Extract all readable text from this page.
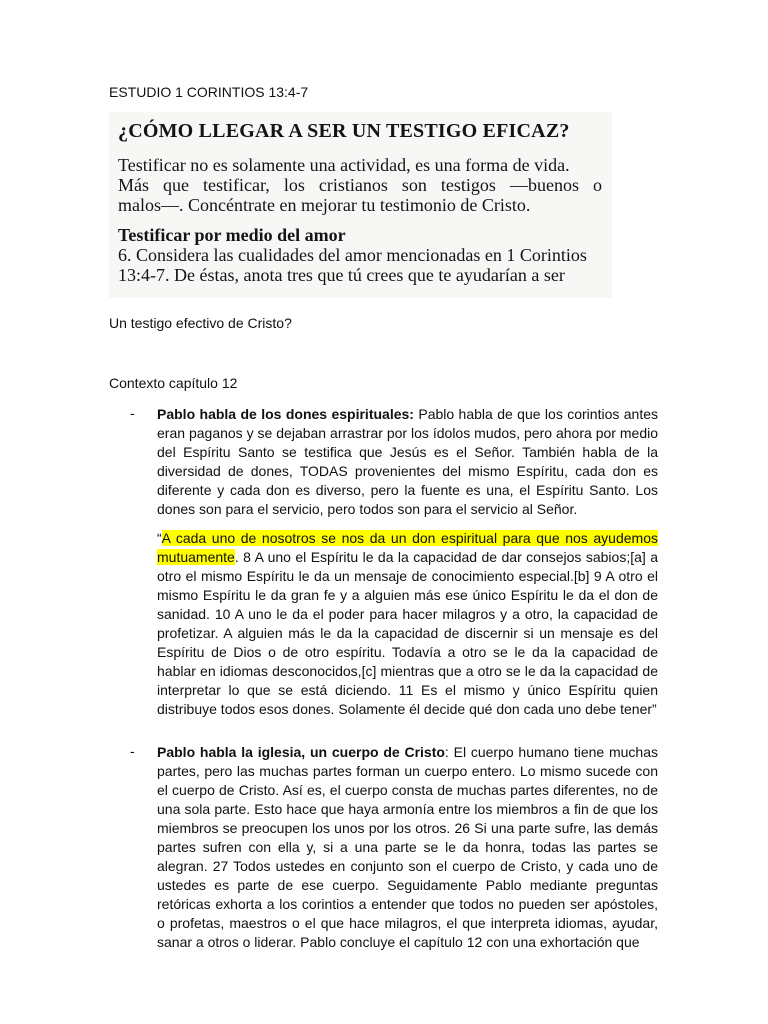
ESTUDIO 1 CORINTIOS 13:4-7
¿CÓMO LLEGAR A SER UN TESTIGO EFICAZ?
Testificar no es solamente una actividad, es una forma de vida.
Más que testificar, los cristianos son testigos —buenos o
malos—. Concéntrate en mejorar tu testimonio de Cristo.
Testificar por medio del amor
6. Considera las cualidades del amor mencionadas en 1 Corintios
13:4-7. De éstas, anota tres que tú crees que te ayudarían a ser
Un testigo efectivo de Cristo?
Contexto capítulo 12
- Pablo habla de los dones espirituales: Pablo habla de que los corintios antes eran paganos y se dejaban arrastrar por los ídolos mudos, pero ahora por medio del Espíritu Santo se testifica que Jesús es el Señor. También habla de la diversidad de dones, TODAS provenientes del mismo Espíritu, cada don es diferente y cada don es diverso, pero la fuente es una, el Espíritu Santo. Los dones son para el servicio, pero todos son para el servicio al Señor.

“A cada uno de nosotros se nos da un don espiritual para que nos ayudemos mutuamente. 8 A uno el Espíritu le da la capacidad de dar consejos sabios;[a] a otro el mismo Espíritu le da un mensaje de conocimiento especial.[b] 9 A otro el mismo Espíritu le da gran fe y a alguien más ese único Espíritu le da el don de sanidad. 10 A uno le da el poder para hacer milagros y a otro, la capacidad de profetizar. A alguien más le da la capacidad de discernir si un mensaje es del Espíritu de Dios o de otro espíritu. Todavía a otro se le da la capacidad de hablar en idiomas desconocidos,[c] mientras que a otro se le da la capacidad de interpretar lo que se está diciendo. 11 Es el mismo y único Espíritu quien distribuye todos esos dones. Solamente él decide qué don cada uno debe tener”

- Pablo habla la iglesia, un cuerpo de Cristo: El cuerpo humano tiene muchas partes, pero las muchas partes forman un cuerpo entero. Lo mismo sucede con el cuerpo de Cristo. Así es, el cuerpo consta de muchas partes diferentes, no de una sola parte. Esto hace que haya armonía entre los miembros a fin de que los miembros se preocupen los unos por los otros. 26 Si una parte sufre, las demás partes sufren con ella y, si a una parte se le da honra, todas las partes se alegran. 27 Todos ustedes en conjunto son el cuerpo de Cristo, y cada uno de ustedes es parte de ese cuerpo. Seguidamente Pablo mediante preguntas retóricas exhorta a los corintios a entender que todos no pueden ser apóstoles, o profetas, maestros o el que hace milagros, el que interpreta idiomas, ayudar, sanar a otros o liderar. Pablo concluye el capítulo 12 con una exhortación que
